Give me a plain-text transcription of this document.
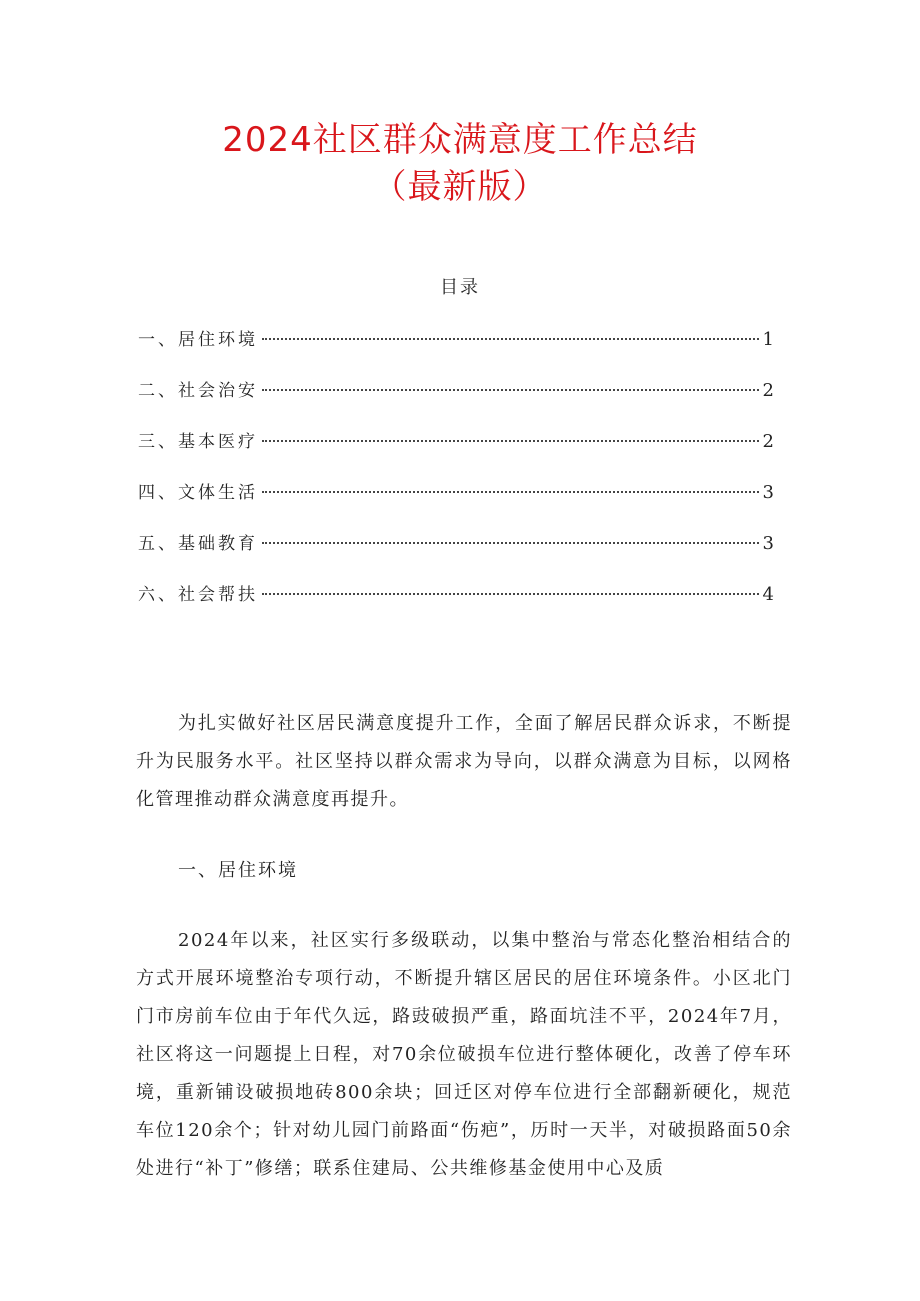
2024社区群众满意度工作总结
（最新版）
目录
一、居住环境	1
二、社会治安	2
三、基本医疗	2
四、文体生活	3
五、基础教育	3
六、社会帮扶	4

为扎实做好社区居民满意度提升工作，全面了解居民群众诉求，不断提升为民服务水平。社区坚持以群众需求为导向，以群众满意为目标，以网格化管理推动群众满意度再提升。

一、居住环境

2024年以来，社区实行多级联动，以集中整治与常态化整治相结合的方式开展环境整治专项行动，不断提升辖区居民的居住环境条件。小区北门门市房前车位由于年代久远，路豉破损严重，路面坑洼不平，2024年7月，社区将这一问题提上日程，对70余位破损车位进行整体硬化，改善了停车环境，重新铺设破损地砖800余块；回迁区对停车位进行全部翻新硬化，规范车位120余个；针对幼儿园门前路面“伤疤”，历时一天半，对破损路面50余处进行“补丁”修缮；联系住建局、公共维修基金使用中心及质
